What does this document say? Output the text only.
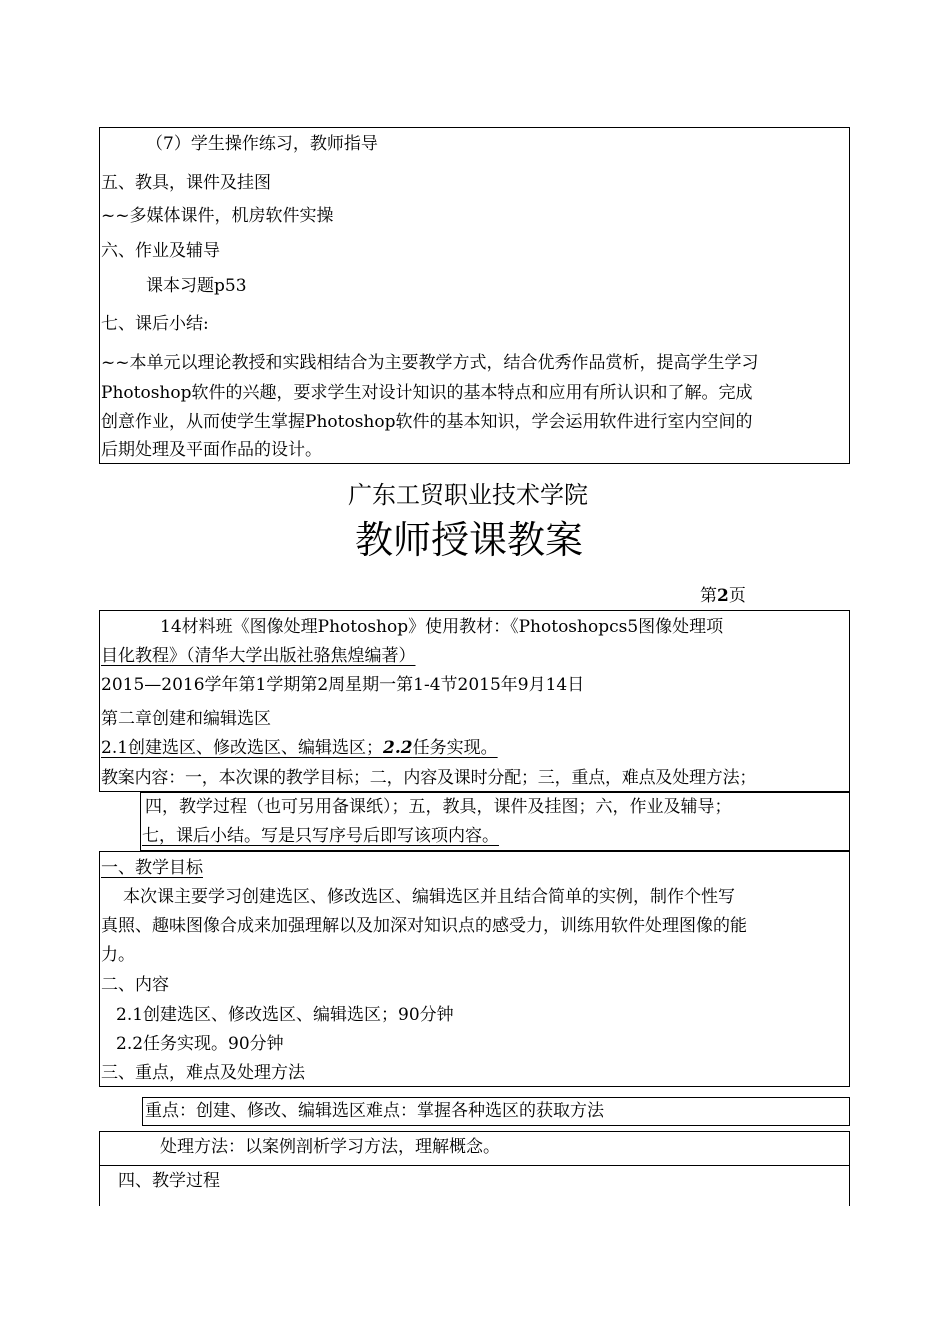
（7）学生操作练习，教师指导
五、教具，课件及挂图
~~多媒体课件，机房软件实操
六、作业及辅导
课本习题p53
七、课后小结:
~~本单元以理论教授和实践相结合为主要教学方式，结合优秀作品赏析，提高学生学习
Photoshop软件的兴趣，要求学生对设计知识的基本特点和应用有所认识和了解。完成
创意作业，从而使学生掌握Photoshop软件的基本知识，学会运用软件进行室内空间的
后期处理及平面作品的设计。
广东工贸职业技术学院
教师授课教案
第2页
14材料班《图像处理Photoshop》使用教材：《Photoshopcs5图像处理项
目化教程》（清华大学出版社骆焦煌编著）
2015—2016学年第1学期第2周星期一第1-4节2015年9月14日
第二章创建和编辑选区
2.1创建选区、修改选区、编辑选区；2.2任务实现。
教案内容：一，本次课的教学目标；二，内容及课时分配；三，重点，难点及处理方法；
四，教学过程（也可另用备课纸）；五，教具，课件及挂图；六，作业及辅导；
七，课后小结。写是只写序号后即写该项内容。
一、教学目标
本次课主要学习创建选区、修改选区、编辑选区并且结合简单的实例，制作个性写
真照、趣味图像合成来加强理解以及加深对知识点的感受力，训练用软件处理图像的能
力。
二、内容
2.1创建选区、修改选区、编辑选区；90分钟
2.2任务实现。90分钟
三、重点，难点及处理方法
重点：创建、修改、编辑选区难点：掌握各种选区的获取方法
处理方法：以案例剖析学习方法，理解概念。
四、教学过程
